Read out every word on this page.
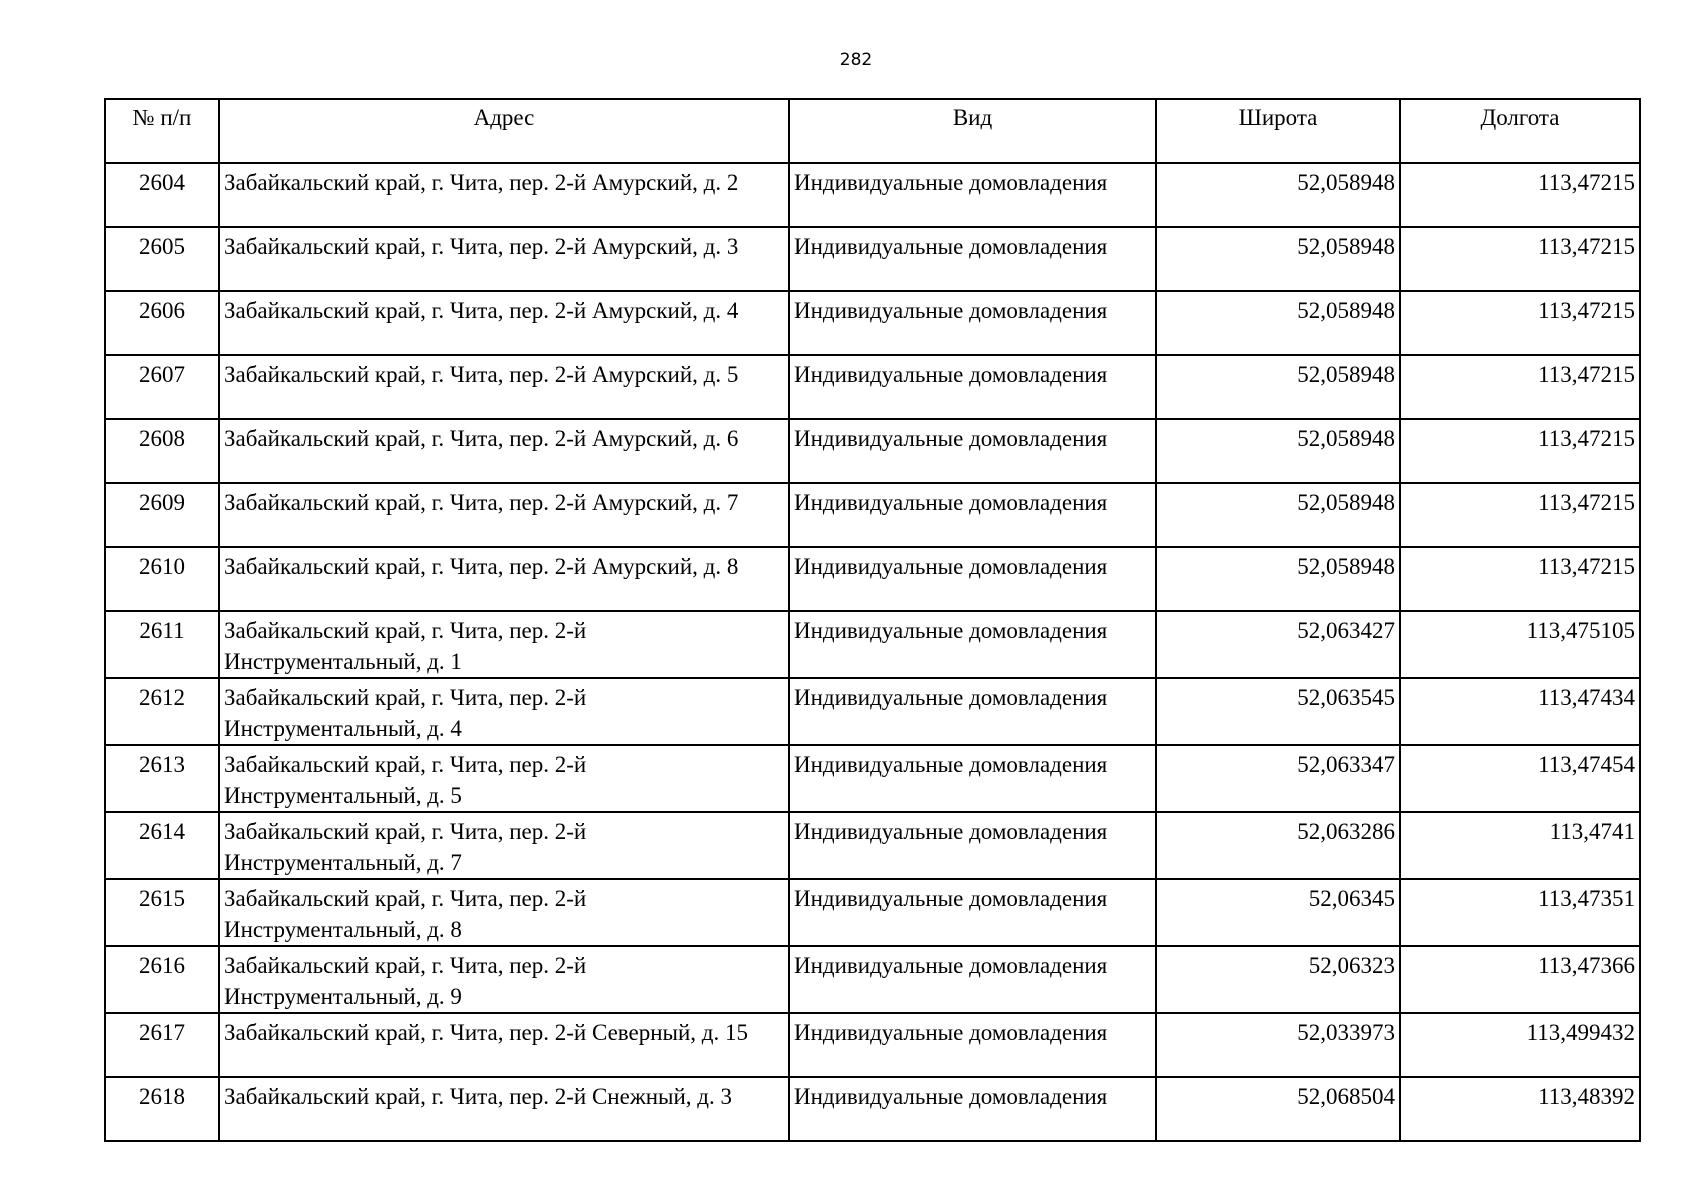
282
№ п/п	Адрес	Вид	Широта	Долгота
2604	Забайкальский край, г. Чита, пер. 2-й Амурский, д. 2	Индивидуальные домовладения	52,058948	113,47215
2605	Забайкальский край, г. Чита, пер. 2-й Амурский, д. 3	Индивидуальные домовладения	52,058948	113,47215
2606	Забайкальский край, г. Чита, пер. 2-й Амурский, д. 4	Индивидуальные домовладения	52,058948	113,47215
2607	Забайкальский край, г. Чита, пер. 2-й Амурский, д. 5	Индивидуальные домовладения	52,058948	113,47215
2608	Забайкальский край, г. Чита, пер. 2-й Амурский, д. 6	Индивидуальные домовладения	52,058948	113,47215
2609	Забайкальский край, г. Чита, пер. 2-й Амурский, д. 7	Индивидуальные домовладения	52,058948	113,47215
2610	Забайкальский край, г. Чита, пер. 2-й Амурский, д. 8	Индивидуальные домовладения	52,058948	113,47215
2611	Забайкальский край, г. Чита, пер. 2-й Инструментальный, д. 1	Индивидуальные домовладения	52,063427	113,475105
2612	Забайкальский край, г. Чита, пер. 2-й Инструментальный, д. 4	Индивидуальные домовладения	52,063545	113,47434
2613	Забайкальский край, г. Чита, пер. 2-й Инструментальный, д. 5	Индивидуальные домовладения	52,063347	113,47454
2614	Забайкальский край, г. Чита, пер. 2-й Инструментальный, д. 7	Индивидуальные домовладения	52,063286	113,4741
2615	Забайкальский край, г. Чита, пер. 2-й Инструментальный, д. 8	Индивидуальные домовладения	52,06345	113,47351
2616	Забайкальский край, г. Чита, пер. 2-й Инструментальный, д. 9	Индивидуальные домовладения	52,06323	113,47366
2617	Забайкальский край, г. Чита, пер. 2-й Северный, д. 15	Индивидуальные домовладения	52,033973	113,499432
2618	Забайкальский край, г. Чита, пер. 2-й Снежный, д. 3	Индивидуальные домовладения	52,068504	113,48392
